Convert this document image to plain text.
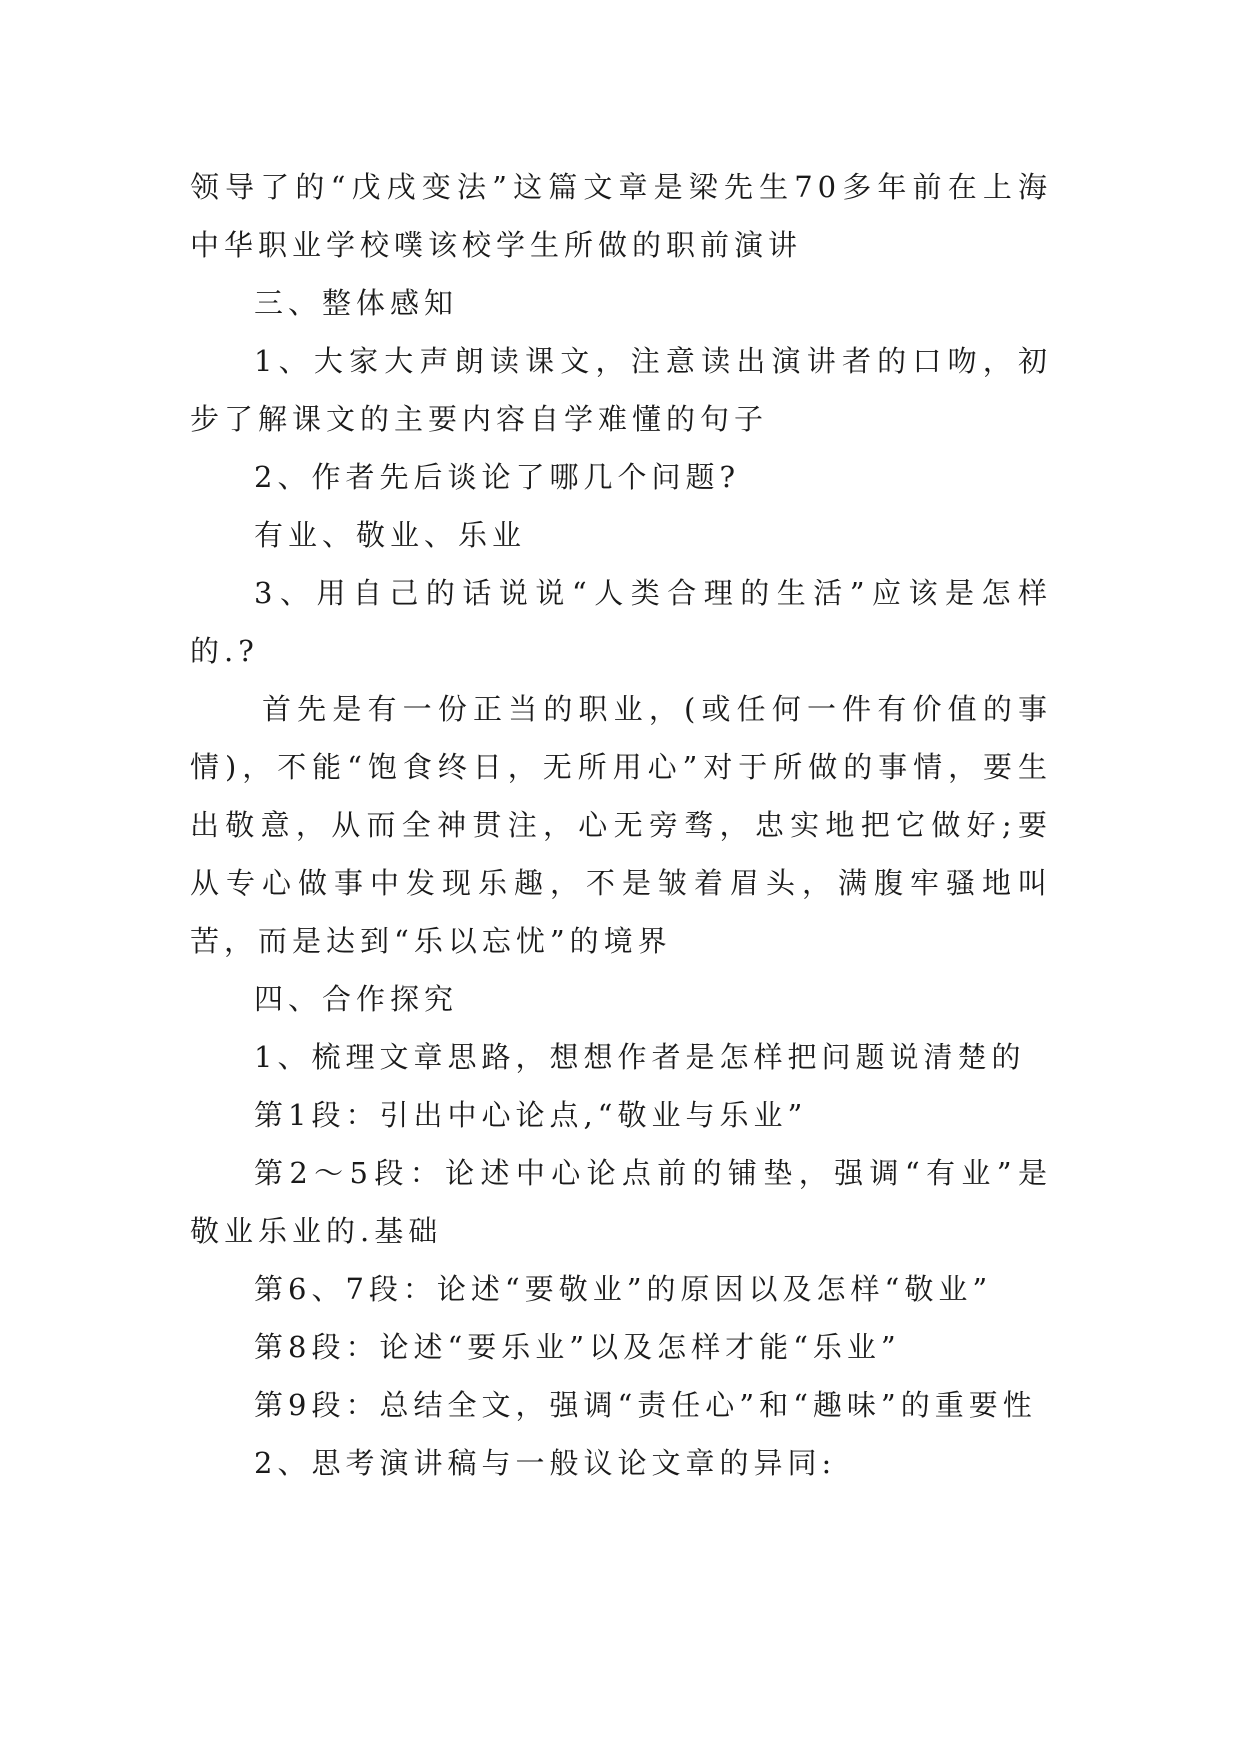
领导了的“戊戌变法”这篇文章是梁先生70多年前在上海中华职业学校噗该校学生所做的职前演讲

三、整体感知

1、大家大声朗读课文，注意读出演讲者的口吻，初步了解课文的主要内容自学难懂的句子

2、作者先后谈论了哪几个问题?

有业、敬业、乐业

3、用自己的话说说“人类合理的生活”应该是怎样的.?

首先是有一份正当的职业，(或任何一件有价值的事情)，不能“饱食终日，无所用心”对于所做的事情，要生出敬意，从而全神贯注，心无旁骛，忠实地把它做好;要从专心做事中发现乐趣，不是皱着眉头，满腹牢骚地叫苦，而是达到“乐以忘忧”的境界

四、合作探究

1、梳理文章思路，想想作者是怎样把问题说清楚的

第1段：引出中心论点,“敬业与乐业”

第2～5段：论述中心论点前的铺垫，强调“有业”是敬业乐业的.基础

第6、7段：论述“要敬业”的原因以及怎样“敬业”

第8段：论述“要乐业”以及怎样才能“乐业”

第9段：总结全文，强调“责任心”和“趣味”的重要性

2、思考演讲稿与一般议论文章的异同:
